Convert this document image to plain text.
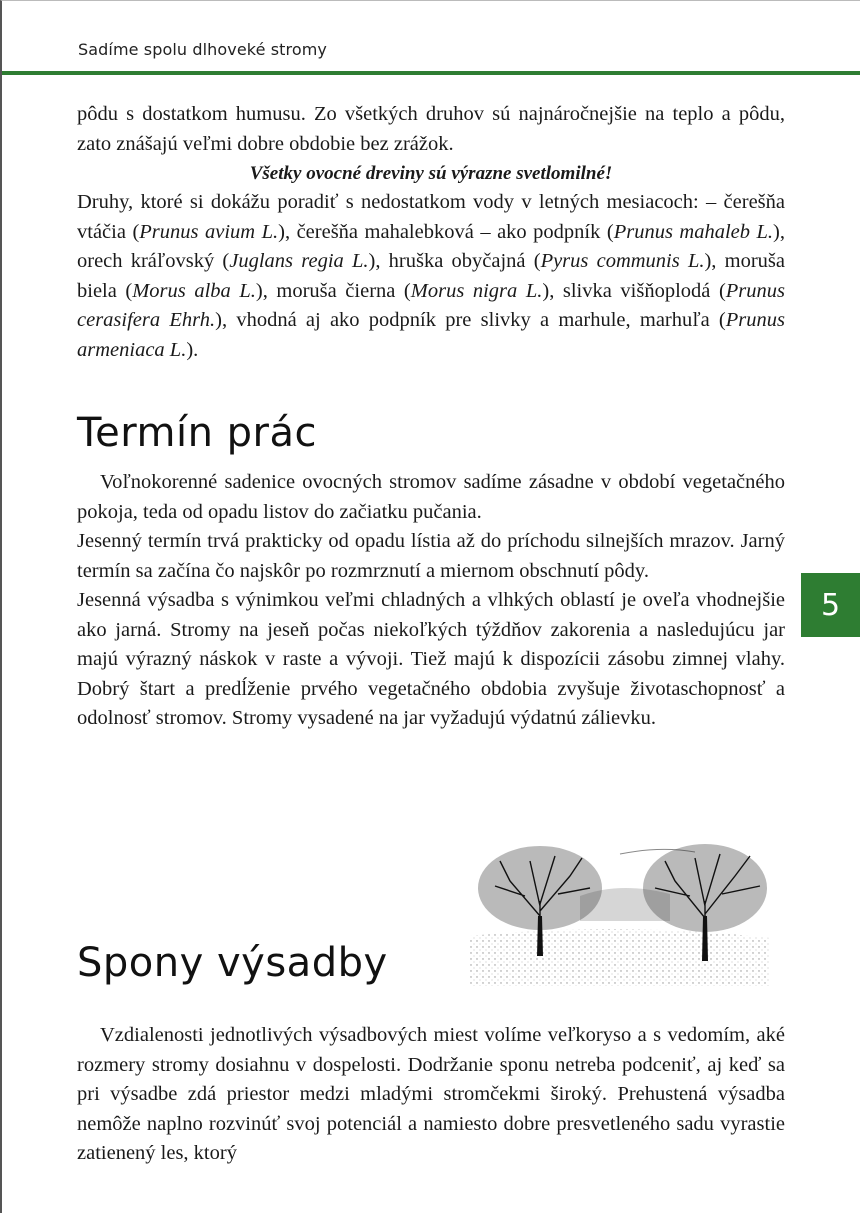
Sadíme spolu dlhoveké stromy
5

pôdu s dostatkom humusu. Zo všetkých druhov sú najnáročnejšie na teplo a pôdu, zato znášajú veľmi dobre obdobie bez zrážok.

Všetky ovocné dreviny sú výrazne svetlomilné!

Druhy, ktoré si dokážu poradiť s nedostatkom vody v letných mesiacoch: – čerešňa vtáčia (Prunus avium L.), čerešňa mahalebková – ako podpník (Prunus mahaleb L.), orech kráľovský (Juglans regia L.), hruška obyčajná (Pyrus communis L.), moruša biela (Morus alba L.), moruša čierna (Morus nigra L.), slivka višňoplodá (Prunus cerasifera Ehrh.), vhodná aj ako podpník pre slivky a marhule, marhuľa (Prunus armeniaca L.).

Termín prác

Voľnokorenné sadenice ovocných stromov sadíme zásadne v období vegetačného pokoja, teda od opadu listov do začiatku pučania.

Jesenný termín trvá prakticky od opadu lístia až do príchodu silnejších mrazov. Jarný termín sa začína čo najskôr po rozmrznutí a miernom obschnutí pôdy.

Jesenná výsadba s výnimkou veľmi chladných a vlhkých oblastí je oveľa vhodnejšie ako jarná. Stromy na jeseň počas niekoľkých týždňov zakorenia a nasledujúcu jar majú výrazný náskok v raste a vývoji. Tiež majú k dispozícii zásobu zimnej vlahy. Dobrý štart a predĺženie prvého vegetačného obdobia zvyšuje životaschopnosť a odolnosť stromov. Stromy vysadené na jar vyžadujú výdatnú zálievku.

Spony výsadby

Vzdialenosti jednotlivých výsadbových miest volíme veľkoryso a s vedomím, aké rozmery stromy dosiahnu v dospelosti. Dodržanie sponu netreba podceniť, aj keď sa pri výsadbe zdá priestor medzi mladými stromčekmi široký. Prehustená výsadba nemôže naplno rozvinúť svoj potenciál a namiesto dobre presvetleného sadu vyrastie zatienený les, ktorý
